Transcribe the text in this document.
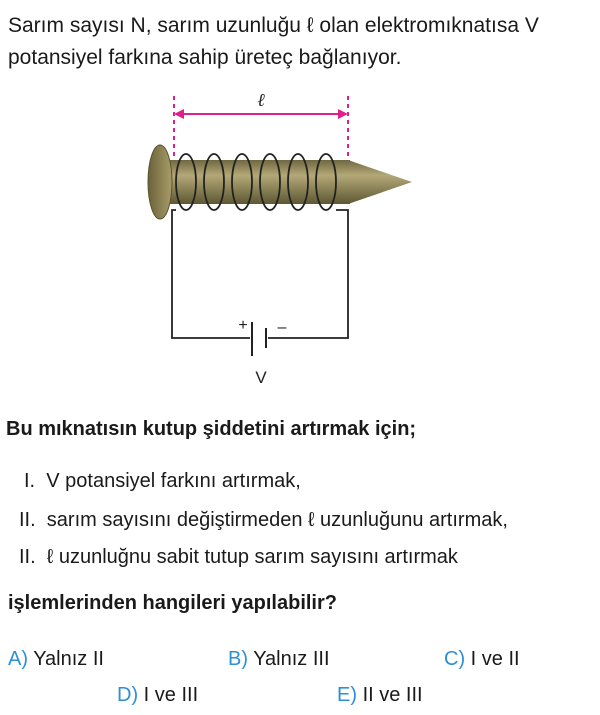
Sarım sayısı N, sarım uzunluğu ℓ olan elektromıknatısa V
potansiyel farkına sahip üreteç bağlanıyor.
ℓ
+ –
V
Bu mıknatısın kutup şiddetini artırmak için;
I. V potansiyel farkını artırmak,
II. sarım sayısını değiştirmeden ℓ uzunluğunu artırmak,
II. ℓ uzunluğnu sabit tutup sarım sayısını artırmak
işlemlerinden hangileri yapılabilir?
A) Yalnız II	B) Yalnız III	C) I ve II
D) I ve III	E) II ve III
